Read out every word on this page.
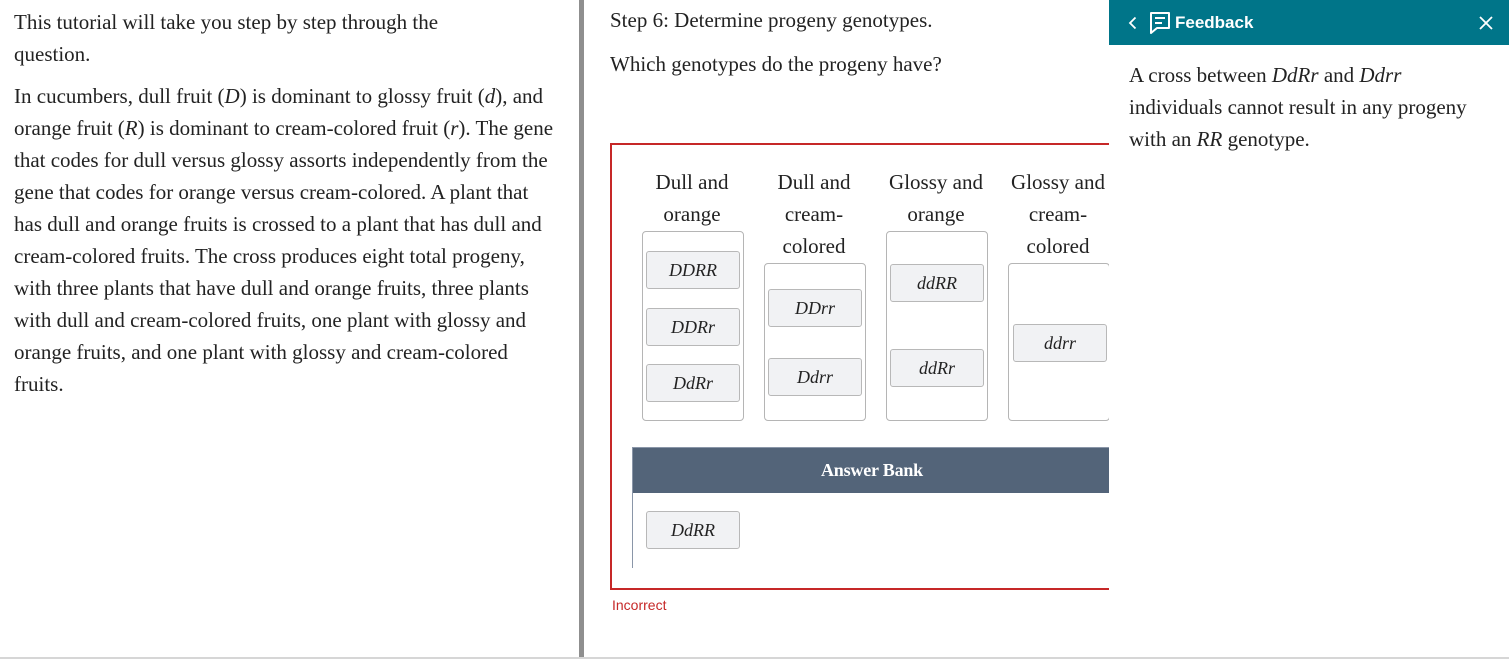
This tutorial will take you step by step through the question.

In cucumbers, dull fruit (D) is dominant to glossy fruit (d), and orange fruit (R) is dominant to cream-colored fruit (r). The gene that codes for dull versus glossy assorts independently from the gene that codes for orange versus cream-colored. A plant that has dull and orange fruits is crossed to a plant that has dull and cream-colored fruits. The cross produces eight total progeny, with three plants that have dull and orange fruits, three plants with dull and cream-colored fruits, one plant with glossy and orange fruits, and one plant with glossy and cream-colored fruits.

Step 6: Determine progeny genotypes.
Which genotypes do the progeny have?
Dull and orange
DDRR
DDRr
DdRr
Dull and cream-colored
DDrr
Ddrr
Glossy and orange
ddRR
ddRr
Glossy and cream-colored
ddrr
Answer Bank
DdRR
Incorrect
Feedback

A cross between DdRr and Ddrr individuals cannot result in any progeny with an RR genotype.
